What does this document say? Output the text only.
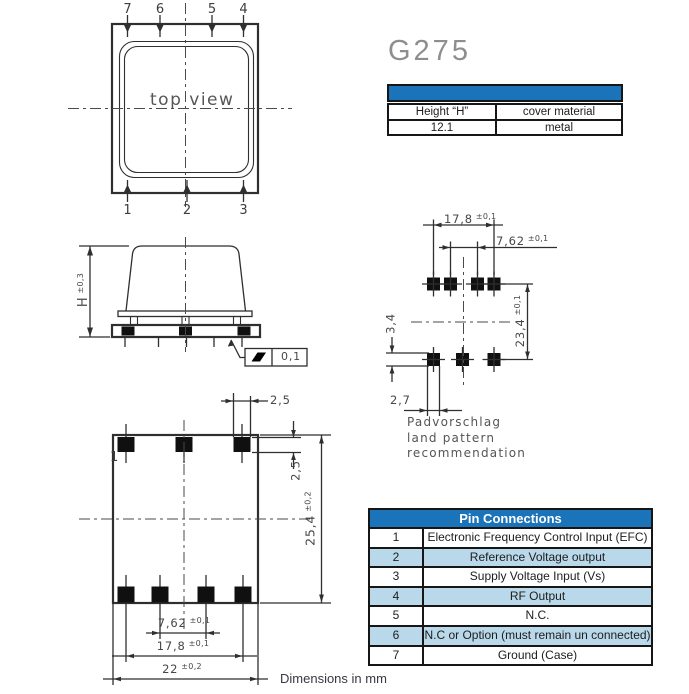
7 6	5 4
1	2	3
top view
$H^{\pm 0,3}$
0,1
17,8 $^{\pm 0,1}$
7,62 $^{\pm 0,1}$
$23,4^{\pm 0,1}$
3,4
2,7
Padvorschlag
land pattern
recommendation
1
2,5
2,5
$25,4^{\pm 0,2}$
7,62 $^{\pm 0,1}$
17,8 $^{\pm 0,1}$
22 $^{\pm 0,2}$
G275
Height “H”	cover material
12.1	metal
Pin Connections
1	Electronic Frequency Control Input (EFC)
2	Reference Voltage output
3	Supply Voltage Input (Vs)
4	RF Output
5	N.C.
6	N.C or Option (must remain un connected)
7	Ground (Case)
Dimensions in mm
